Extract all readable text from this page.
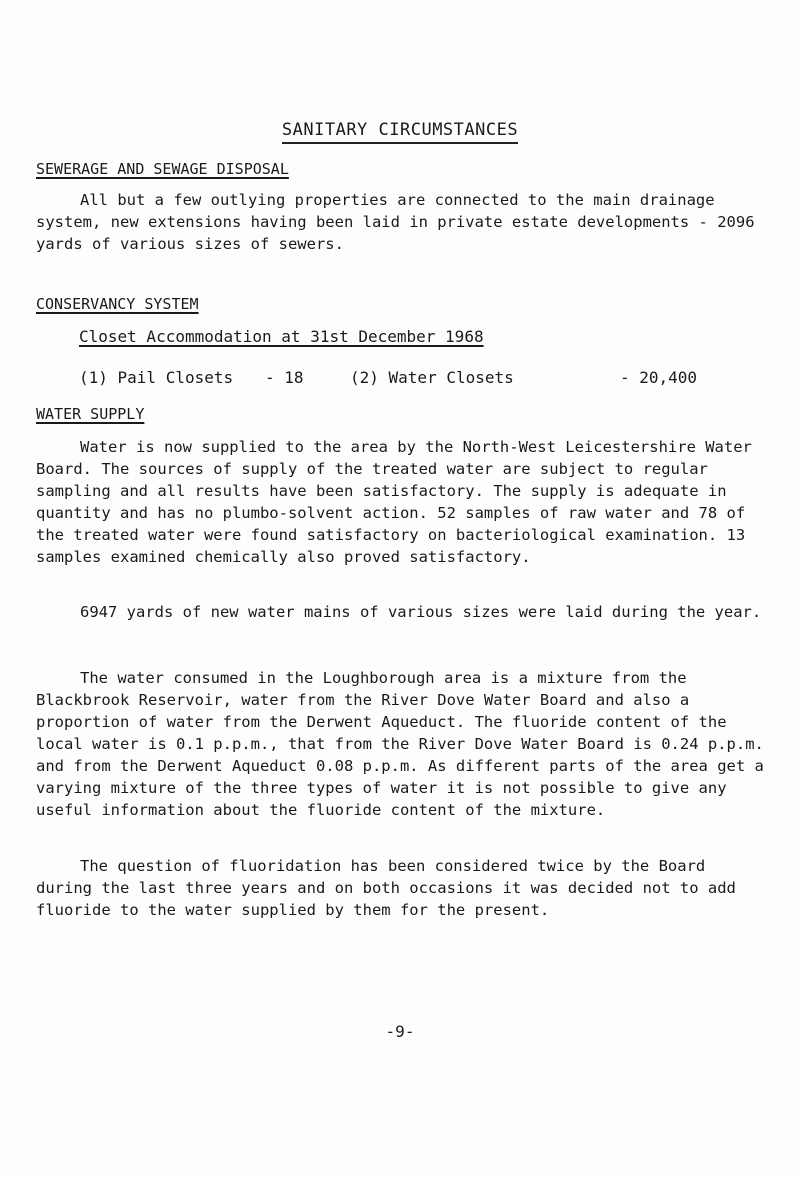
SANITARY CIRCUMSTANCES
SEWERAGE AND SEWAGE DISPOSAL

All but a few outlying properties are connected to the main drainage system, new extensions having been laid in private estate developments - 2096 yards of various sizes of sewers.

CONSERVANCY SYSTEM
Closet Accommodation at 31st December 1968
(1) Pail Closets - 18	(2) Water Closets	- 20,400
WATER SUPPLY

Water is now supplied to the area by the North-West Leicestershire Water Board. The sources of supply of the treated water are subject to regular sampling and all results have been satisfactory. The supply is adequate in quantity and has no plumbo-solvent action. 52 samples of raw water and 78 of the treated water were found satisfactory on bacteriological examination. 13 samples examined chemically also proved satisfactory.

6947 yards of new water mains of various sizes were laid during the year.

The water consumed in the Loughborough area is a mixture from the Blackbrook Reservoir, water from the River Dove Water Board and also a proportion of water from the Derwent Aqueduct. The fluoride content of the local water is 0.1 p.p.m., that from the River Dove Water Board is 0.24 p.p.m. and from the Derwent Aqueduct 0.08 p.p.m. As different parts of the area get a varying mixture of the three types of water it is not possible to give any useful information about the fluoride content of the mixture.

The question of fluoridation has been considered twice by the Board during the last three years and on both occasions it was decided not to add fluoride to the water supplied by them for the present.

-9-
